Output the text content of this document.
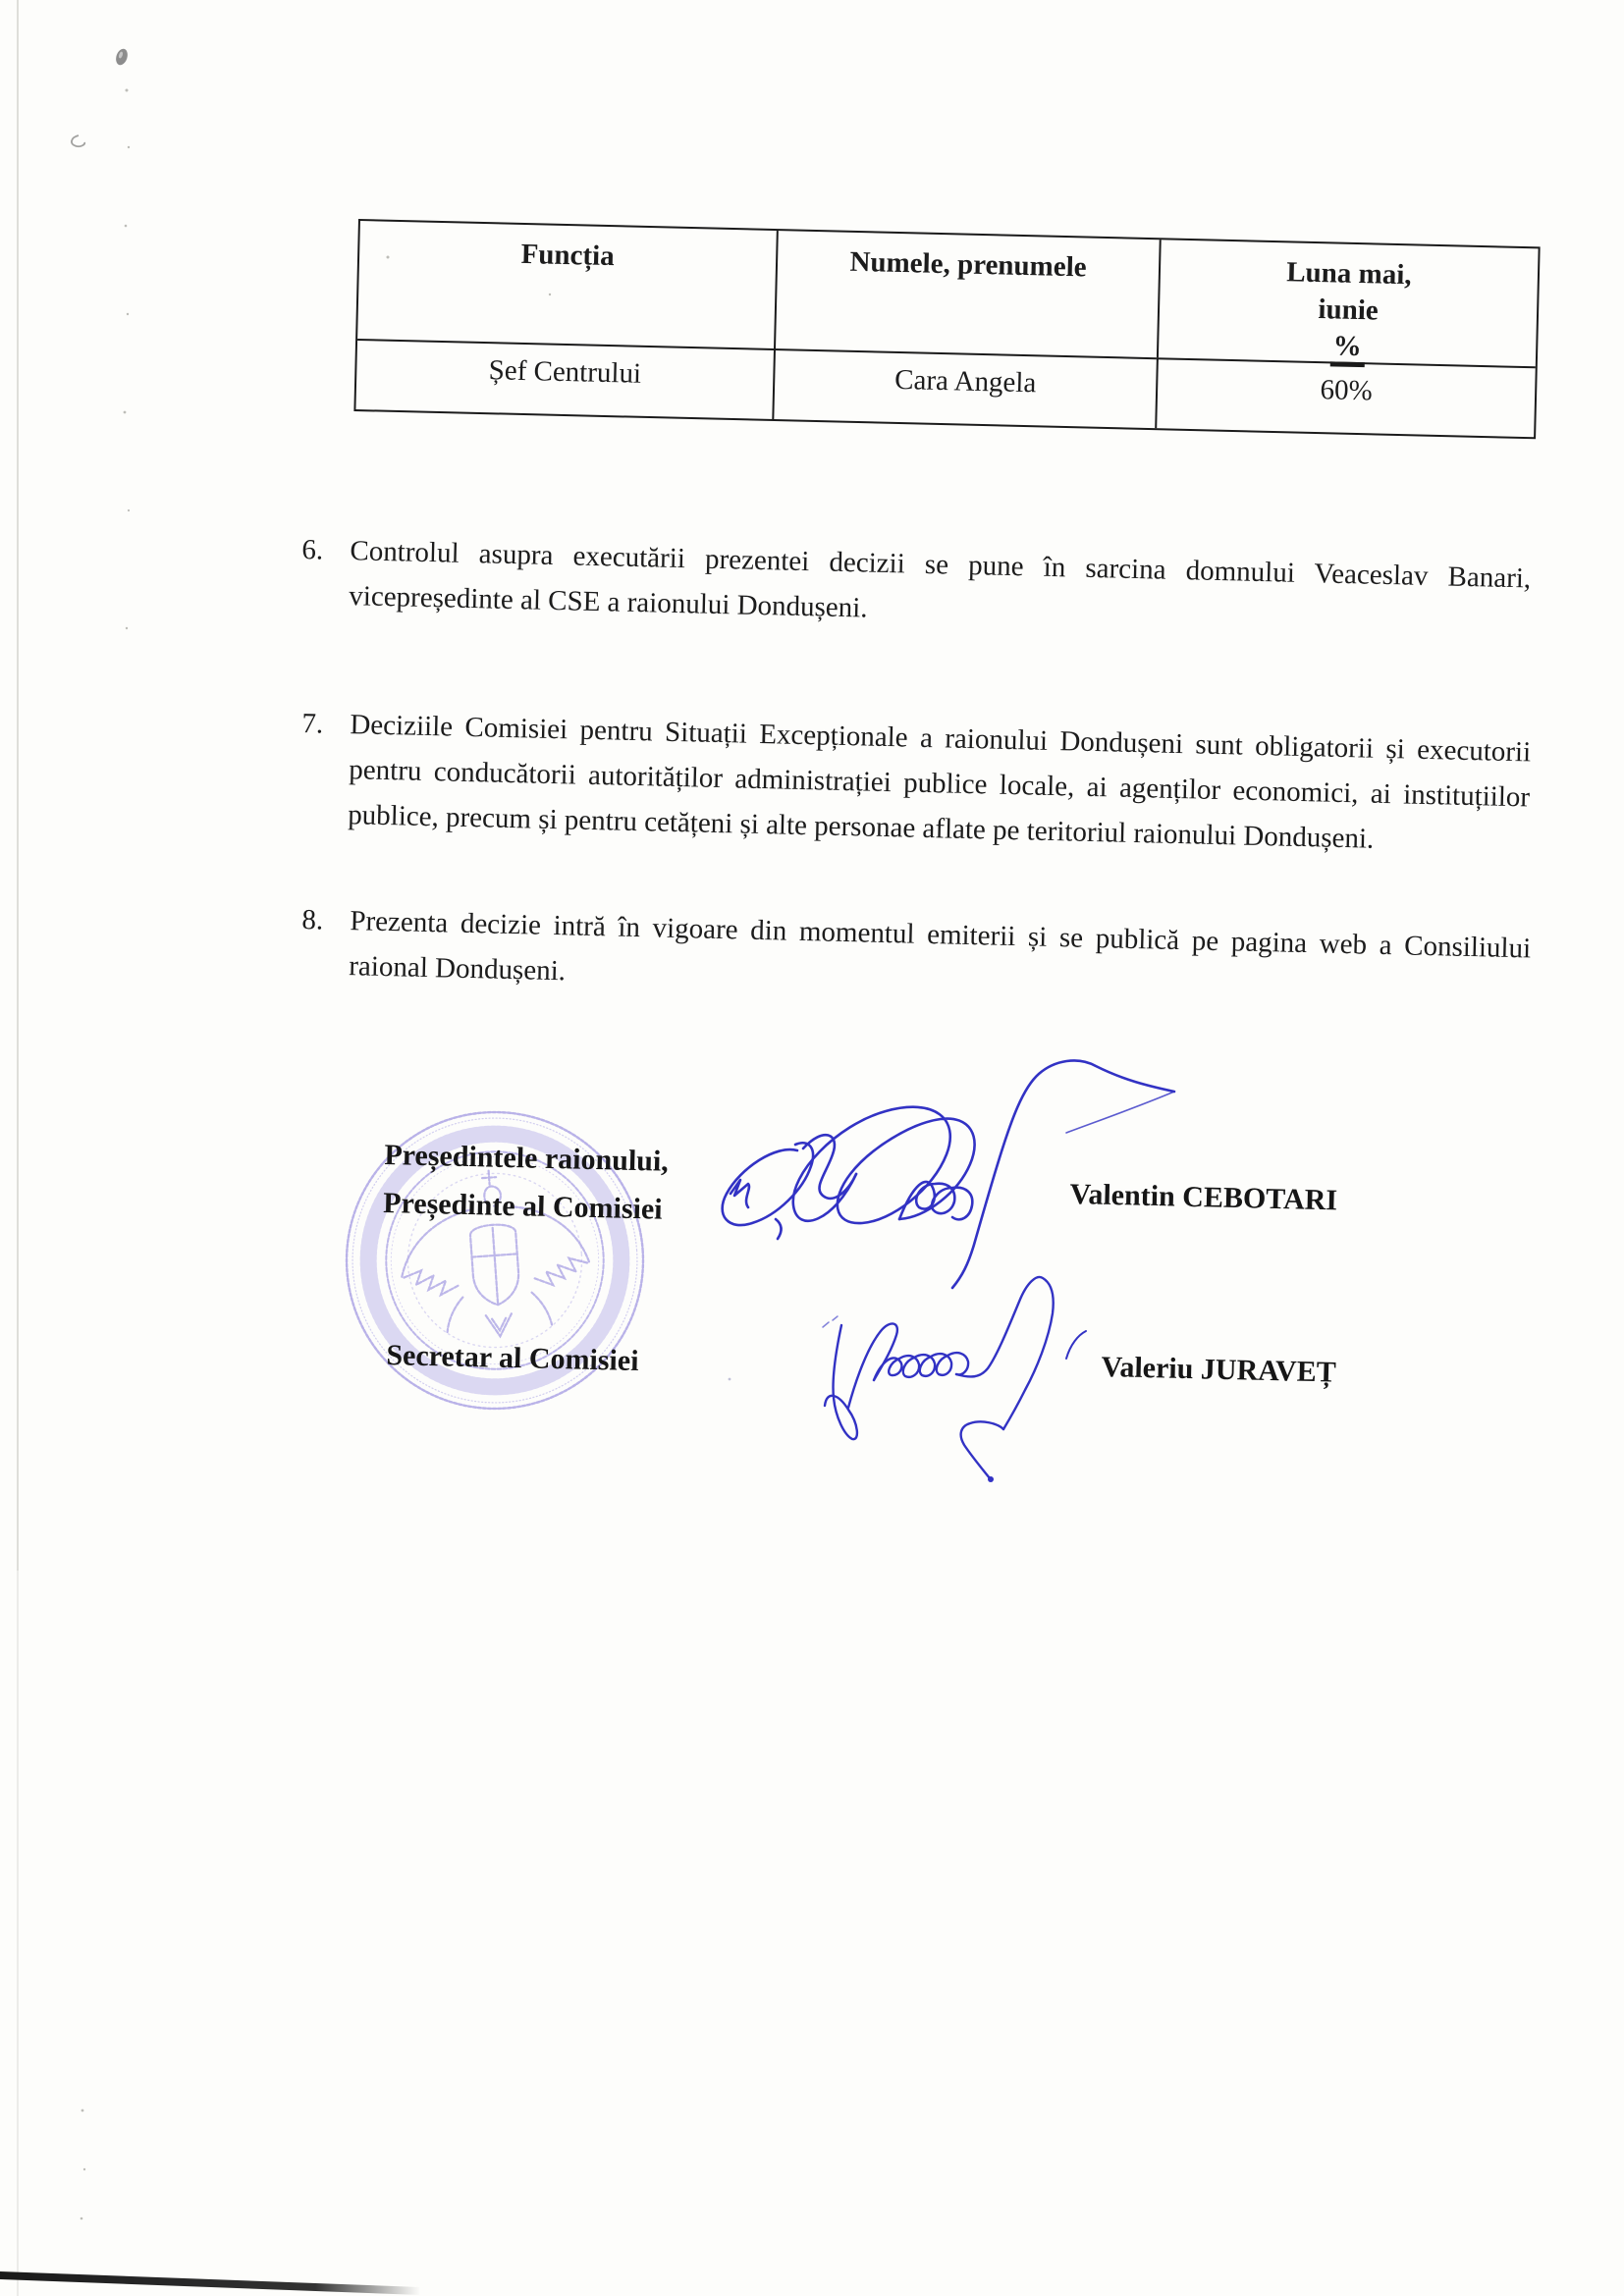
Funcția	Numele, prenumele	Luna mai,
iunie
%
Șef Centrului	Cara Angela	60%
6. Controlul asupra executării prezentei decizii se pune în sarcina domnului Veaceslav Banari, vicepreședinte al CSE a raionului Dondușeni.
7. Deciziile Comisiei pentru Situații Excepționale a raionului Dondușeni sunt obligatorii și executorii pentru conducătorii autorităților administrației publice locale, ai agenților economici, ai instituțiilor publice, precum și pentru cetățeni și alte personae aflate pe teritoriul raionului Dondușeni.
8. Prezenta decizie intră în vigoare din momentul emiterii și se publică pe pagina web a Consiliului raional Dondușeni.
Președintele raionului,
Președinte al Comisiei	Valentin CEBOTARI
Secretar al Comisiei	Valeriu JURAVEȚ
